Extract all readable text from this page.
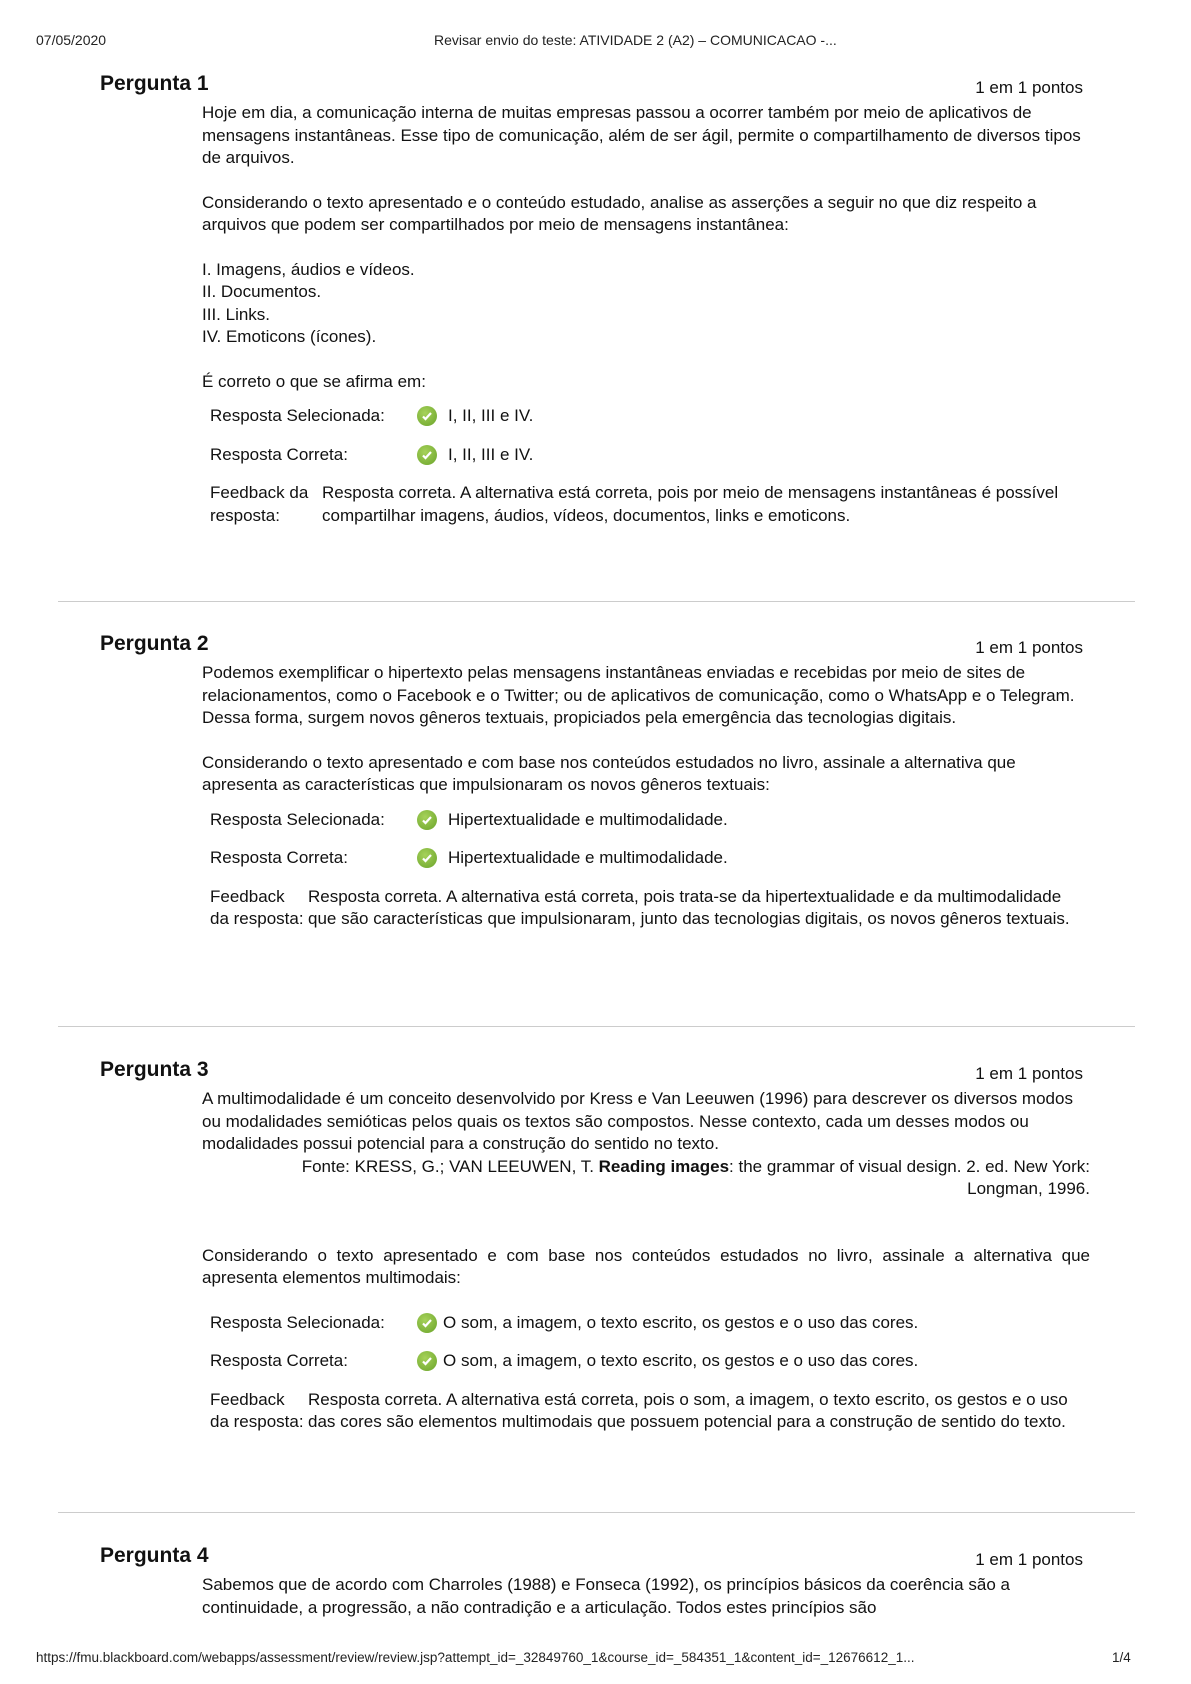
07/05/2020	Revisar envio do teste: ATIVIDADE 2 (A2) – COMUNICACAO -...
Pergunta 1	1 em 1 pontos

Hoje em dia, a comunicação interna de muitas empresas passou a ocorrer também por meio de aplicativos de mensagens instantâneas. Esse tipo de comunicação, além de ser ágil, permite o compartilhamento de diversos tipos de arquivos.

Considerando o texto apresentado e o conteúdo estudado, analise as asserções a seguir no que diz respeito a arquivos que podem ser compartilhados por meio de mensagens instantânea:

I. Imagens, áudios e vídeos.

II. Documentos.

III. Links.

IV. Emoticons (ícones).

É correto o que se afirma em:

Resposta Selecionada:	I, II, III e IV.
Resposta Correta:	I, II, III e IV.
Feedback da resposta:
Resposta correta. A alternativa está correta, pois por meio de mensagens instantâneas é possível compartilhar imagens, áudios, vídeos, documentos, links e emoticons.
Pergunta 2	1 em 1 pontos

Podemos exemplificar o hipertexto pelas mensagens instantâneas enviadas e recebidas por meio de sites de relacionamentos, como o Facebook e o Twitter; ou de aplicativos de comunicação, como o WhatsApp e o Telegram. Dessa forma, surgem novos gêneros textuais, propiciados pela emergência das tecnologias digitais.

Considerando o texto apresentado e com base nos conteúdos estudados no livro, assinale a alternativa que apresenta as características que impulsionaram os novos gêneros textuais:

Resposta Selecionada:	Hipertextualidade e multimodalidade.
Resposta Correta:	Hipertextualidade e multimodalidade.
Feedback da resposta:
Resposta correta. A alternativa está correta, pois trata-se da hipertextualidade e da multimodalidade que são características que impulsionaram, junto das tecnologias digitais, os novos gêneros textuais.
Pergunta 3	1 em 1 pontos

A multimodalidade é um conceito desenvolvido por Kress e Van Leeuwen (1996) para descrever os diversos modos ou modalidades semióticas pelos quais os textos são compostos. Nesse contexto, cada um desses modos ou modalidades possui potencial para a construção do sentido no texto.

Fonte: KRESS, G.; VAN LEEUWEN, T. Reading images: the grammar of visual design. 2. ed. New York: Longman, 1996.

Considerando o texto apresentado e com base nos conteúdos estudados no livro, assinale a alternativa que apresenta elementos multimodais:

Resposta Selecionada:	O som, a imagem, o texto escrito, os gestos e o uso das cores.
Resposta Correta:	O som, a imagem, o texto escrito, os gestos e o uso das cores.
Feedback da resposta:
Resposta correta. A alternativa está correta, pois o som, a imagem, o texto escrito, os gestos e o uso das cores são elementos multimodais que possuem potencial para a construção de sentido do texto.
Pergunta 4	1 em 1 pontos

Sabemos que de acordo com Charroles (1988) e Fonseca (1992), os princípios básicos da coerência são a continuidade, a progressão, a não contradição e a articulação. Todos estes princípios são

https://fmu.blackboard.com/webapps/assessment/review/review.jsp?attempt_id=_32849760_1&course_id=_584351_1&content_id=_12676612_1...	1/4
